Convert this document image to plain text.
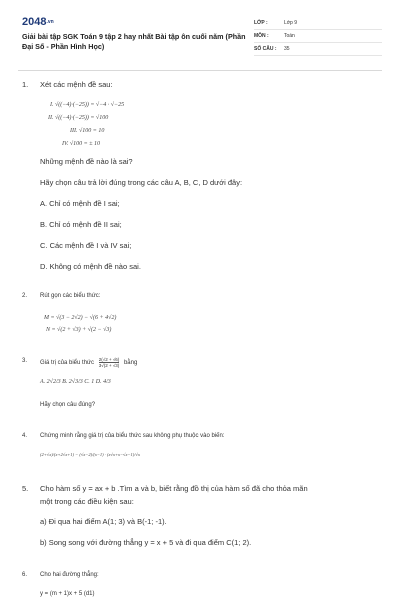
2048.vn
Giải bài tập SGK Toán 9 tập 2 hay nhất Bài tập ôn cuối năm (Phần Đại Số - Phần Hình Học)
LỚP :	Lớp 9
MÔN :	Toán
SỐ CÂU :	35
1.	Xét các mệnh đề sau:
I. √((−4)·(−25)) = √−4 · √−25
II. √((−4)·(−25)) = √100
III. √100 = 10
IV. √100 = ± 10
Những mệnh đề nào là sai?
Hãy chọn câu trả lời đúng trong các câu A, B, C, D dưới đây:
A. Chỉ có mệnh đề I sai;
B. Chỉ có mệnh đề II sai;
C. Các mệnh đề I và IV sai;
D. Không có mệnh đề nào sai.
2.	Rút gọn các biểu thức:
M = √(3 − 2√2) − √(6 + 4√2)
N = √(2 + √3) + √(2 − √3)
3.	Giá trị của biểu thức $\frac{2(√2 + √6)}{3√(2 + √3)}$ bằng
A. 2√2/3 B. 2√3/3 C. 1 D. 4/3
Hãy chọn câu đúng?
4.	Chứng minh rằng giá trị của biểu thức sau không phụ thuộc vào biến:
(2+√x)/(x+2√x+1) − (√x−2)/(x−1) · (x√x+x−√x−1)/√x
5.	Cho hàm số y = ax + b .Tìm a và b, biết rằng đồ thị của hàm số đã cho thỏa mãn
một trong các điều kiện sau:
a) Đi qua hai điểm A(1; 3) và B(-1; -1).
b) Song song với đường thẳng y = x + 5 và đi qua điểm C(1; 2).
6.	Cho hai đường thẳng:
y = (m + 1)x + 5 (d1)
